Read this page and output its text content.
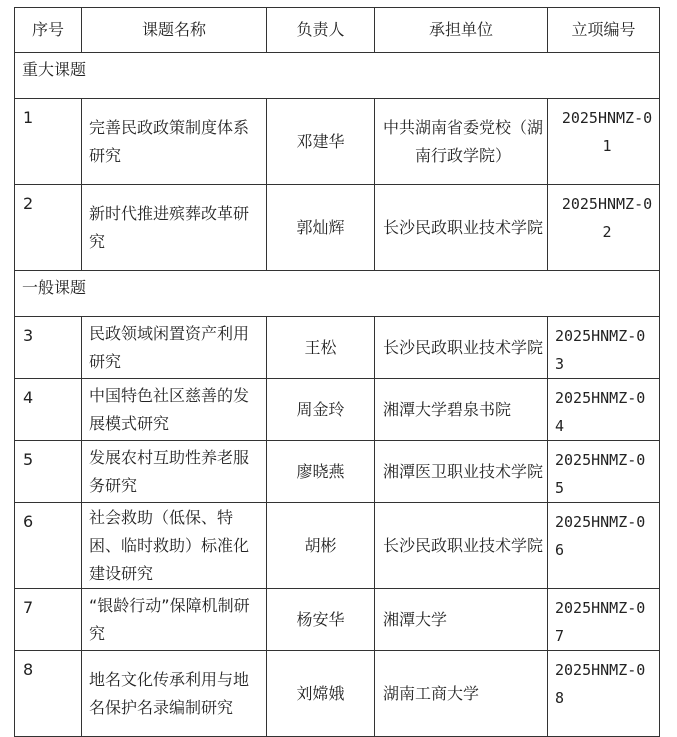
序号	课题名称	负责人	承担单位	立项编号
重大课题				
1	完善民政政策制度体系研究	邓建华	中共湖南省委党校（湖南行政学院）	2025HNMZ-01

2	新时代推进殡葬改革研究	郭灿辉	长沙民政职业技术学院	2025HNMZ-02

一般课题				
3	民政领域闲置资产利用研究	王松	长沙民政职业技术学院	2025HNMZ-03

4	中国特色社区慈善的发展模式研究	周金玲	湘潭大学碧泉书院	2025HNMZ-04

5	发展农村互助性养老服务研究	廖晓燕	湘潭医卫职业技术学院	2025HNMZ-05

6	社会救助（低保、特困、临时救助）标准化建设研究	胡彬	长沙民政职业技术学院	2025HNMZ-06

7	“银龄行动”保障机制研究	杨安华	湘潭大学	2025HNMZ-07

8	地名文化传承利用与地名保护名录编制研究	刘嫦娥	湖南工商大学	2025HNMZ-08
